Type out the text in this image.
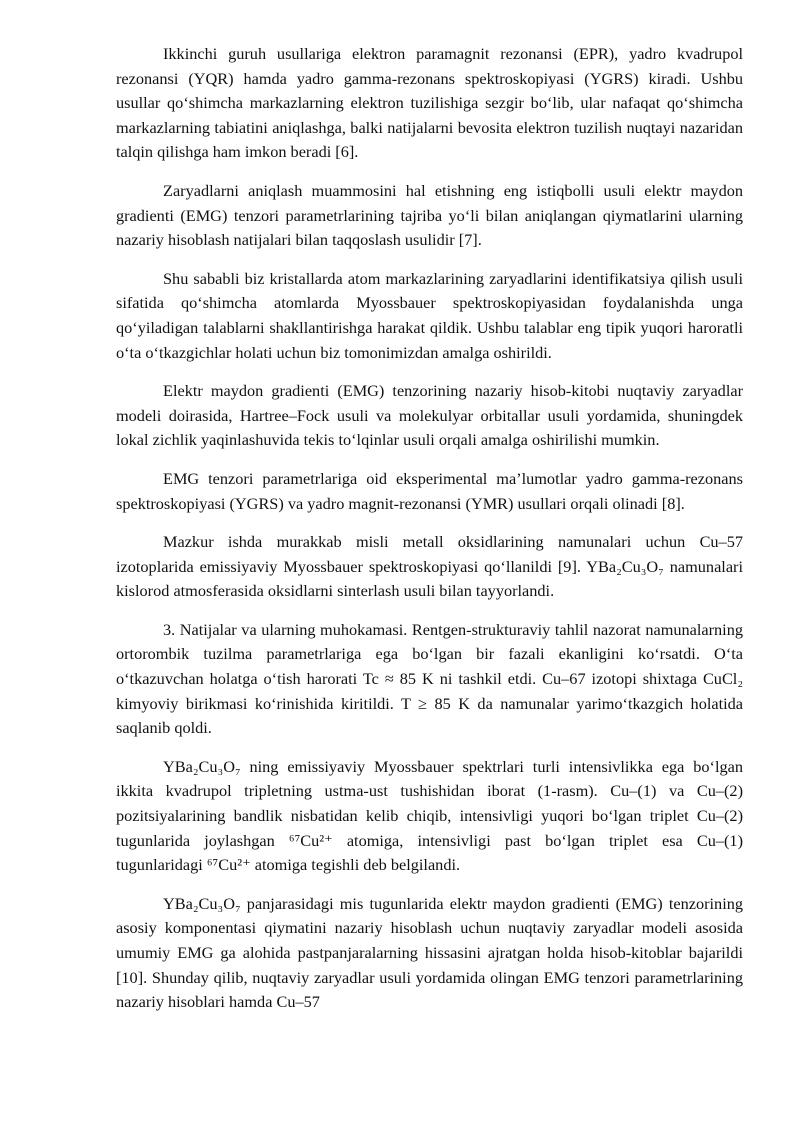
Ikkinchi guruh usullariga elektron paramagnit rezonansi (EPR), yadro kvadrupol rezonansi (YQR) hamda yadro gamma-rezonans spektroskopiyasi (YGRS) kiradi. Ushbu usullar qo‘shimcha markazlarning elektron tuzilishiga sezgir bo‘lib, ular nafaqat qo‘shimcha markazlarning tabiatini aniqlashga, balki natijalarni bevosita elektron tuzilish nuqtayi nazaridan talqin qilishga ham imkon beradi [6].

Zaryadlarni aniqlash muammosini hal etishning eng istiqbolli usuli elektr maydon gradienti (EMG) tenzori parametrlarining tajriba yo‘li bilan aniqlangan qiymatlarini ularning nazariy hisoblash natijalari bilan taqqoslash usulidir [7].

Shu sababli biz kristallarda atom markazlarining zaryadlarini identifikatsiya qilish usuli sifatida qo‘shimcha atomlarda Myossbauer spektroskopiyasidan foydalanishda unga qo‘yiladigan talablarni shakllantirishga harakat qildik. Ushbu talablar eng tipik yuqori haroratli o‘ta o‘tkazgichlar holati uchun biz tomonimizdan amalga oshirildi.

Elektr maydon gradienti (EMG) tenzorining nazariy hisob-kitobi nuqtaviy zaryadlar modeli doirasida, Hartree–Fock usuli va molekulyar orbitallar usuli yordamida, shuningdek lokal zichlik yaqinlashuvida tekis to‘lqinlar usuli orqali amalga oshirilishi mumkin.

EMG tenzori parametrlariga oid eksperimental ma’lumotlar yadro gamma-rezonans spektroskopiyasi (YGRS) va yadro magnit-rezonansi (YMR) usullari orqali olinadi [8].

Mazkur ishda murakkab misli metall oksidlarining namunalari uchun Cu–57 izotoplarida emissiyaviy Myossbauer spektroskopiyasi qo‘llanildi [9]. YBa₂Cu₃O₇ namunalari kislorod atmosferasida oksidlarni sinterlash usuli bilan tayyorlandi.

3. Natijalar va ularning muhokamasi. Rentgen-strukturaviy tahlil nazorat namunalarning ortorombik tuzilma parametrlariga ega bo‘lgan bir fazali ekanligini ko‘rsatdi. O‘ta o‘tkazuvchan holatga o‘tish harorati Tc ≈ 85 K ni tashkil etdi. Cu–67 izotopi shixtaga CuCl₂ kimyoviy birikmasi ko‘rinishida kiritildi. T ≥ 85 K da namunalar yarimo‘tkazgich holatida saqlanib qoldi.

YBa₂Cu₃O₇ ning emissiyaviy Myossbauer spektrlari turli intensivlikka ega bo‘lgan ikkita kvadrupol tripletning ustma-ust tushishidan iborat (1-rasm). Cu–(1) va Cu–(2) pozitsiyalarining bandlik nisbatidan kelib chiqib, intensivligi yuqori bo‘lgan triplet Cu–(2) tugunlarida joylashgan ⁶⁷Cu²⁺ atomiga, intensivligi past bo‘lgan triplet esa Cu–(1) tugunlaridagi ⁶⁷Cu²⁺ atomiga tegishli deb belgilandi.

YBa₂Cu₃O₇ panjarasidagi mis tugunlarida elektr maydon gradienti (EMG) tenzorining asosiy komponentasi qiymatini nazariy hisoblash uchun nuqtaviy zaryadlar modeli asosida umumiy EMG ga alohida pastpanjaralarning hissasini ajratgan holda hisob-kitoblar bajarildi [10]. Shunday qilib, nuqtaviy zaryadlar usuli yordamida olingan EMG tenzori parametrlarining nazariy hisoblari hamda Cu–57
